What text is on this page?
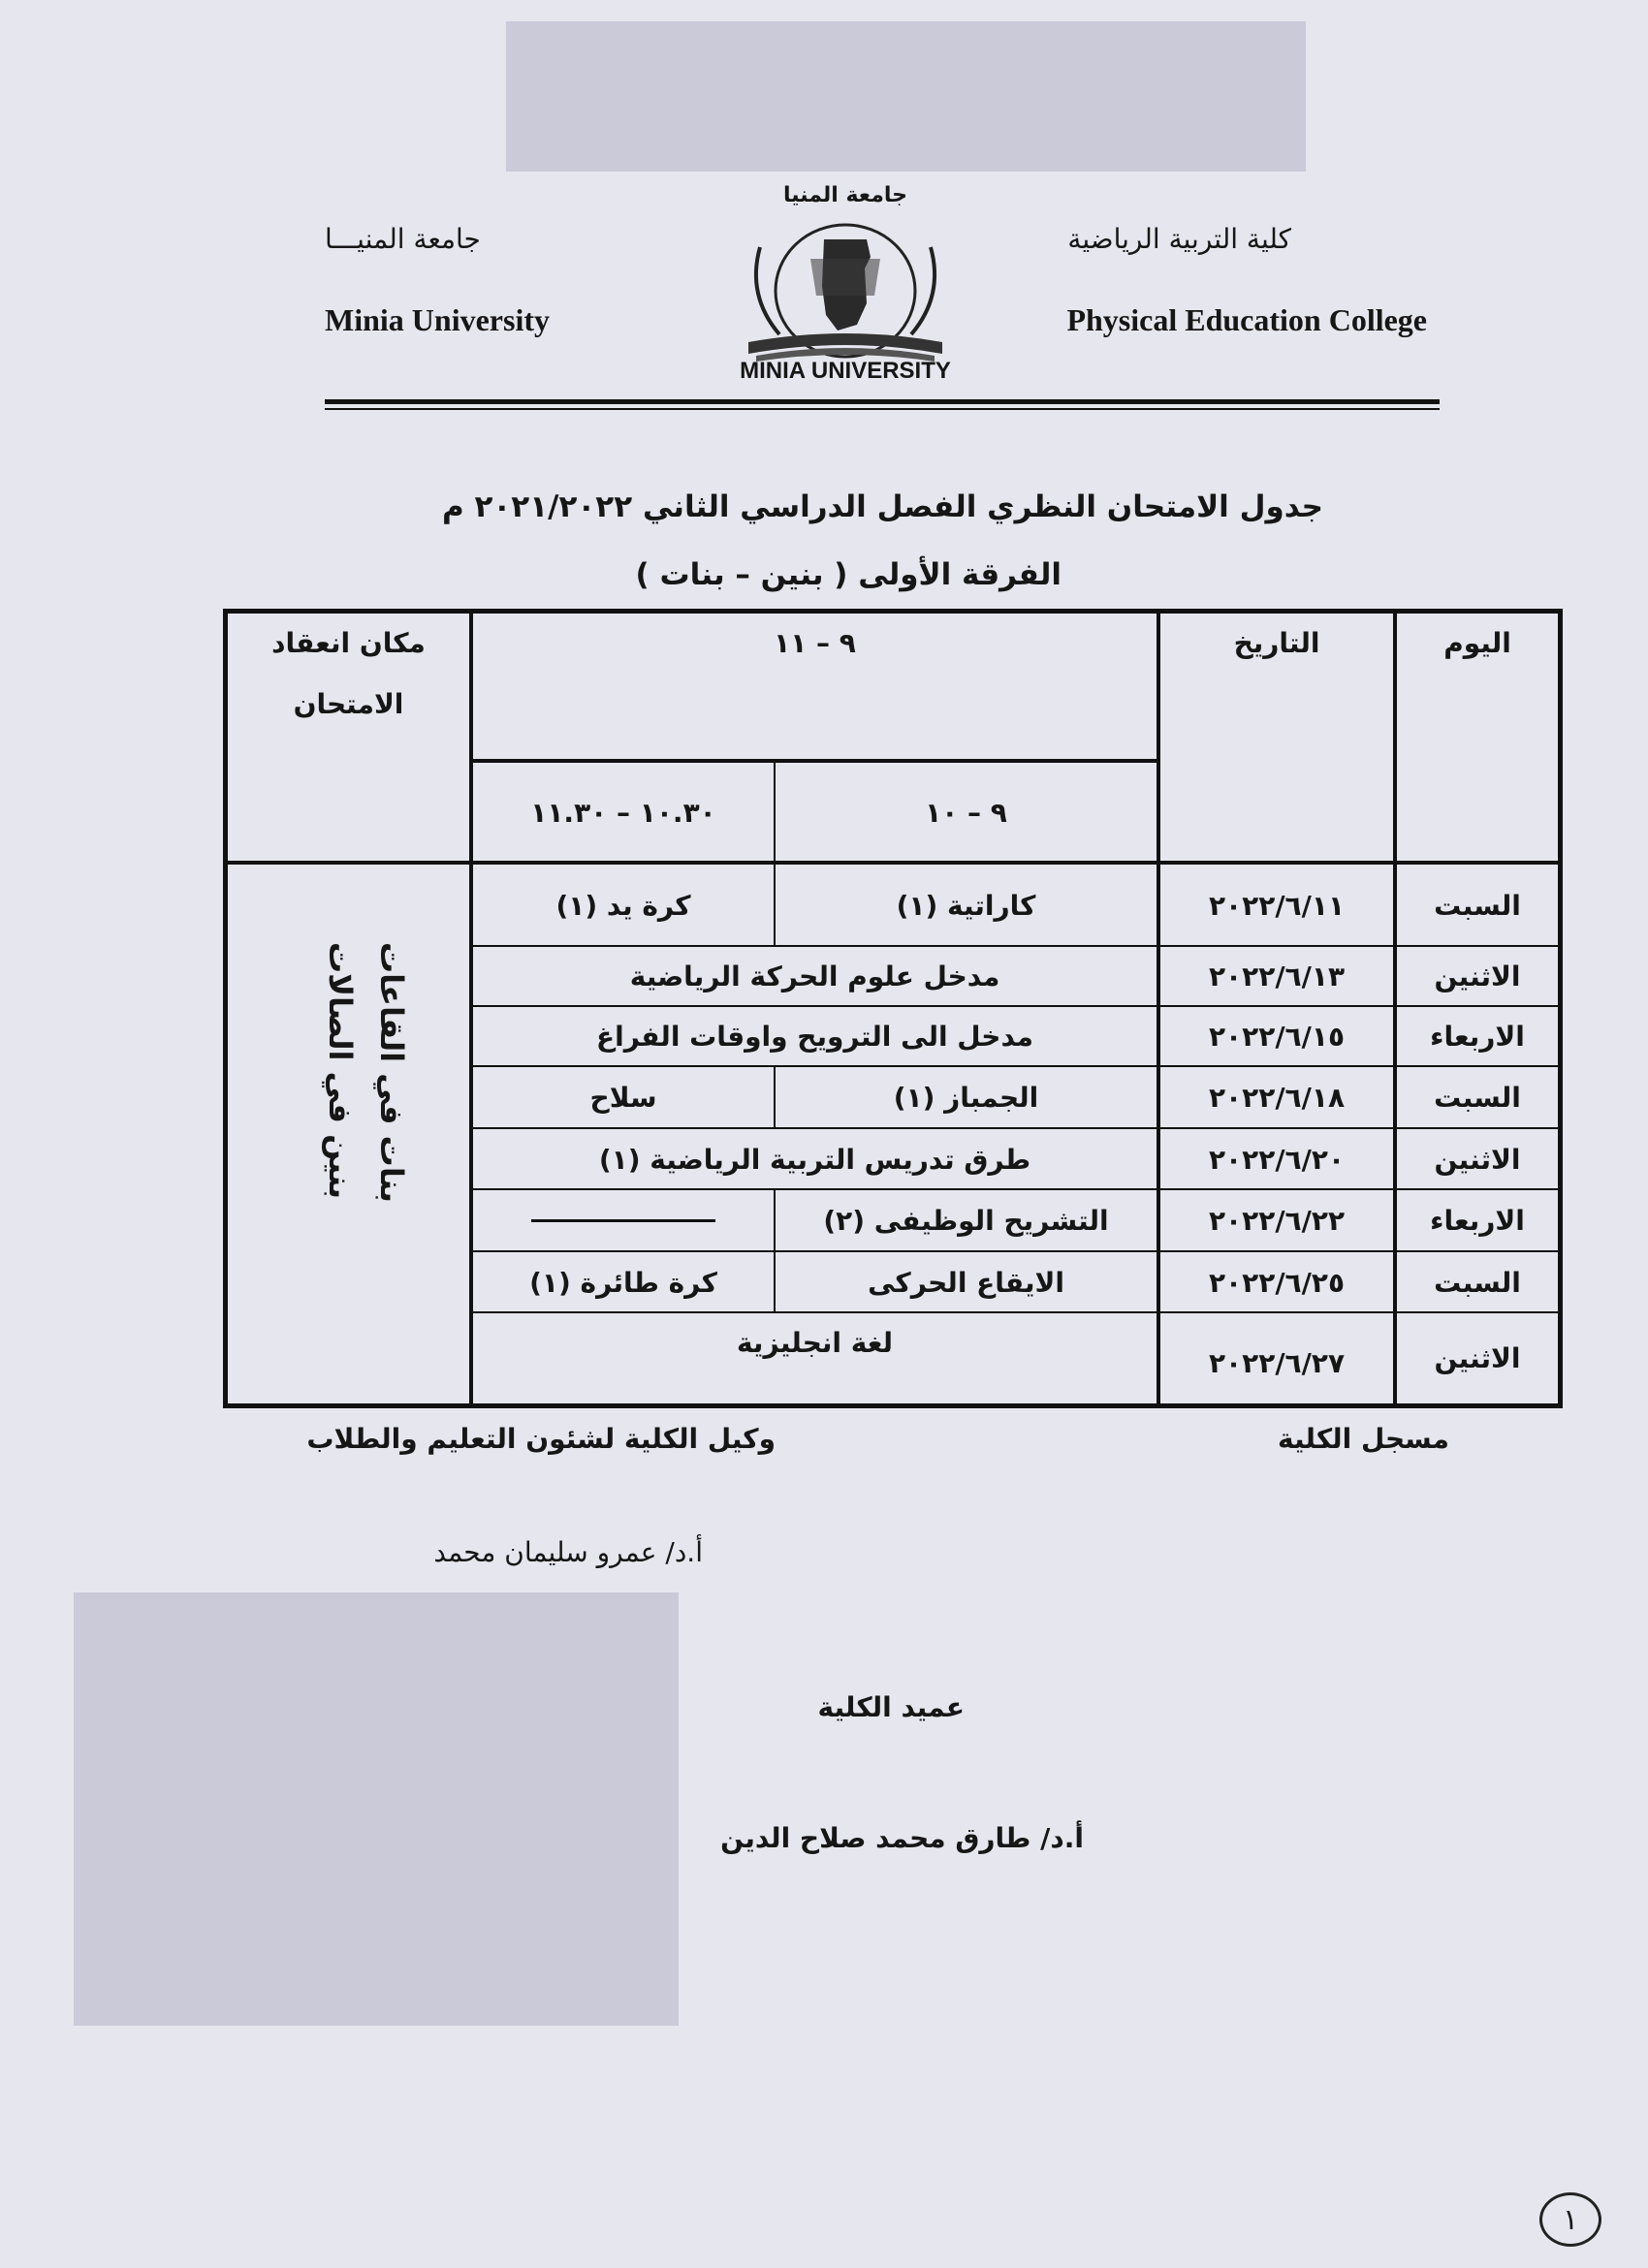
جامعة المنيـــا
Minia University
كلية التربية الرياضية
Physical Education College
جامعة المنيا
MINIA UNIVERSITY
جدول الامتحان النظري الفصل الدراسي الثاني ٢٠٢١/٢٠٢٢ م
الفرقة الأولى ( بنين – بنات )
اليوم
التاريخ
٩ – ١١
٩ – ١٠
١٠.٣٠ – ١١.٣٠
مكان انعقاد
الامتحان
السبت
٢٠٢٢/٦/١١
كاراتية (١)
كرة يد (١)
الاثنين
٢٠٢٢/٦/١٣
مدخل علوم الحركة الرياضية
الاربعاء
٢٠٢٢/٦/١٥
مدخل الى الترويح واوقات الفراغ
السبت
٢٠٢٢/٦/١٨
الجمباز (١)
سلاح
الاثنين
٢٠٢٢/٦/٢٠
طرق تدريس التربية الرياضية (١)
الاربعاء
٢٠٢٢/٦/٢٢
التشريح الوظيفى (٢)
السبت
٢٠٢٢/٦/٢٥
الايقاع الحركى
كرة طائرة (١)
الاثنين
٢٠٢٢/٦/٢٧
لغة انجليزية
بنين في الصالات بنات في القاعات
مسجل الكلية
وكيل الكلية لشئون التعليم والطلاب
أ.د/ عمرو سليمان محمد
عميد الكلية
أ.د/ طارق محمد صلاح الدين
١
